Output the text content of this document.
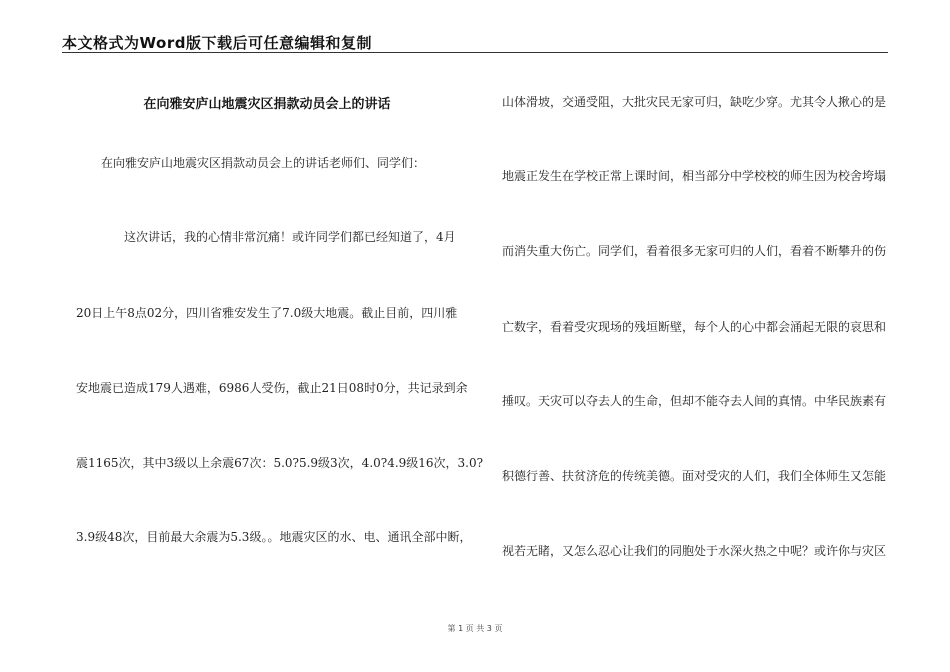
本文格式为Word版下载后可任意编辑和复制
在向雅安庐山地震灾区捐款动员会上的讲话
在向雅安庐山地震灾区捐款动员会上的讲话老师们、同学们：
这次讲话，我的心情非常沉痛！或许同学们都已经知道了，4月
20日上午8点02分，四川省雅安发生了7.0级大地震。截止目前，四川雅
安地震已造成179人遇难，6986人受伤，截止21日08时0分，共记录到余
震1165次，其中3级以上余震67次：5.0?5.9级3次，4.0?4.9级16次，3.0?
3.9级48次，目前最大余震为5.3级。。地震灾区的水、电、通讯全部中断，
山体滑坡，交通受阻，大批灾民无家可归，缺吃少穿。尤其令人揪心的是
地震正发生在学校正常上课时间，相当部分中学校校的师生因为校舍垮塌
而消失重大伤亡。同学们，看着很多无家可归的人们，看着不断攀升的伤
亡数字，看着受灾现场的残垣断壁，每个人的心中都会涌起无限的哀思和
捶叹。天灾可以夺去人的生命，但却不能夺去人间的真情。中华民族素有
积德行善、扶贫济危的传统美德。面对受灾的人们，我们全体师生又怎能
视若无睹，又怎么忍心让我们的同胞处于水深火热之中呢？或许你与灾区
第 1 页 共 3 页
